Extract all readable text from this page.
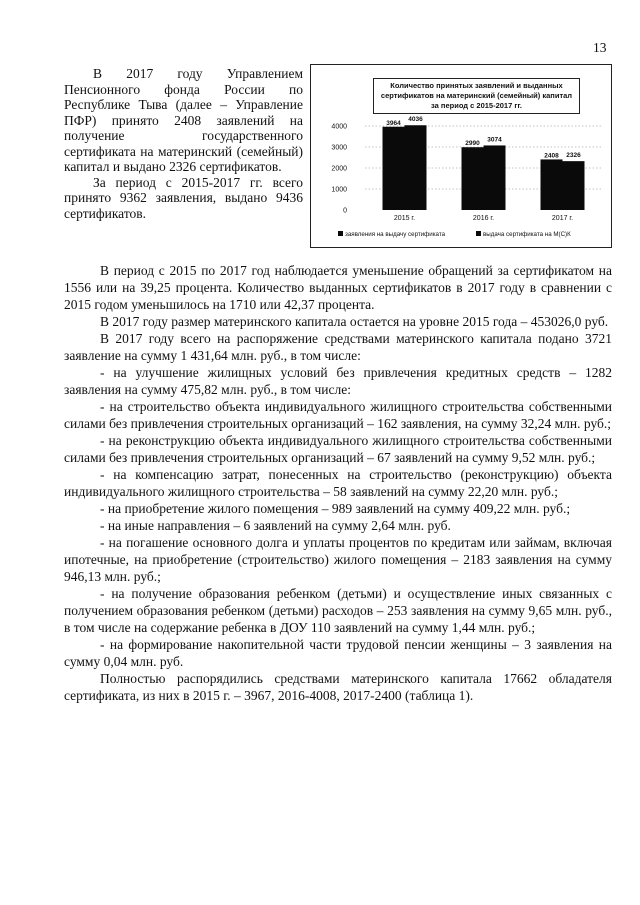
13

В 2017 году Управлением Пенсионного фонда России по Республике Тыва (далее – Управление ПФР) принято 2408 заявлений на получение государственного сертификата на материнский (семейный) капитал и выдано 2326 сертификатов.

За период с 2015-2017 гг. всего принято 9362 заявления, выдано 9436 сертификатов.

Количество принятых заявлений и выданных сертификатов на материнский (семейный) капитал за период с 2015-2017 гг.
0
1000
2000
3000
4000
3964
4036
2015 г.
2990
3074
2016 г.
2408 2326
2017 г.
заявления на выдачу сертификата	выдача сертификата на М(С)К

В период с 2015 по 2017 год наблюдается уменьшение обращений за сертификатом на 1556 или на 39,25 процента. Количество выданных сертификатов в 2017 году в сравнении с 2015 годом уменьшилось на 1710 или 42,37 процента.

В 2017 году размер материнского капитала остается на уровне 2015 года – 453026,0 руб.

В 2017 году всего на распоряжение средствами материнского капитала подано 3721 заявление на сумму 1 431,64 млн. руб., в том числе:

- на улучшение жилищных условий без привлечения кредитных средств – 1282 заявления на сумму 475,82 млн. руб., в том числе:

- на строительство объекта индивидуального жилищного строительства собственными силами без привлечения строительных организаций – 162 заявления, на сумму 32,24 млн. руб.;

- на реконструкцию объекта индивидуального жилищного строительства собственными силами без привлечения строительных организаций – 67 заявлений на сумму 9,52 млн. руб.;

- на компенсацию затрат, понесенных на строительство (реконструкцию) объекта индивидуального жилищного строительства – 58 заявлений на сумму 22,20 млн. руб.;

- на приобретение жилого помещения – 989 заявлений на сумму 409,22 млн. руб.;

- на иные направления – 6 заявлений на сумму 2,64 млн. руб.

- на погашение основного долга и уплаты процентов по кредитам или займам, включая ипотечные, на приобретение (строительство) жилого помещения – 2183 заявления на сумму 946,13 млн. руб.;

- на получение образования ребенком (детьми) и осуществление иных связанных с получением образования ребенком (детьми) расходов – 253 заявления на сумму 9,65 млн. руб., в том числе на содержание ребенка в ДОУ 110 заявлений на сумму 1,44 млн. руб.;

- на формирование накопительной части трудовой пенсии женщины – 3 заявления на сумму 0,04 млн. руб.

Полностью распорядились средствами материнского капитала 17662 обладателя сертификата, из них в 2015 г. – 3967, 2016-4008, 2017-2400 (таблица 1).
